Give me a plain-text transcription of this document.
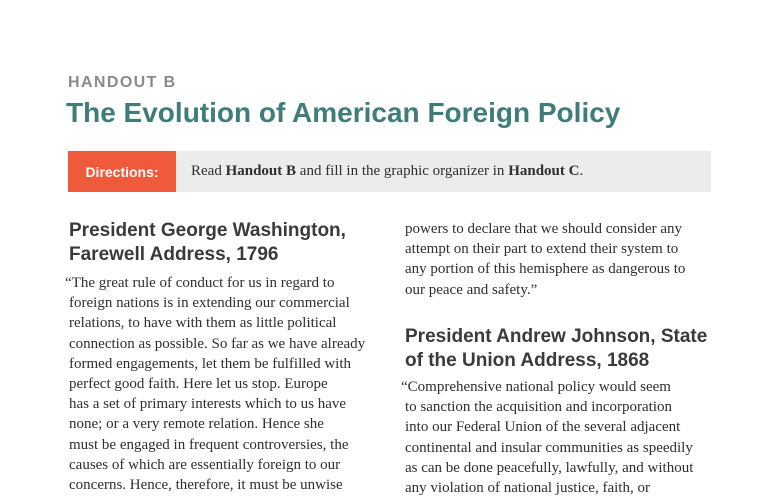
HANDOUT B
The Evolution of American Foreign Policy
Directions:	Read Handout B and fill in the graphic organizer in Handout C.
President George Washington,
Farewell Address, 1796

“The great rule of conduct for us in regard to
foreign nations is in extending our commercial
relations, to have with them as little political
connection as possible. So far as we have already
formed engagements, let them be fulfilled with
perfect good faith. Here let us stop. Europe
has a set of primary interests which to us have
none; or a very remote relation. Hence she
must be engaged in frequent controversies, the
causes of which are essentially foreign to our
concerns. Hence, therefore, it must be unwise

powers to declare that we should consider any
attempt on their part to extend their system to
any portion of this hemisphere as dangerous to
our peace and safety.”

President Andrew Johnson, State
of the Union Address, 1868

“Comprehensive national policy would seem
to sanction the acquisition and incorporation
into our Federal Union of the several adjacent
continental and insular communities as speedily
as can be done peacefully, lawfully, and without
any violation of national justice, faith, or
